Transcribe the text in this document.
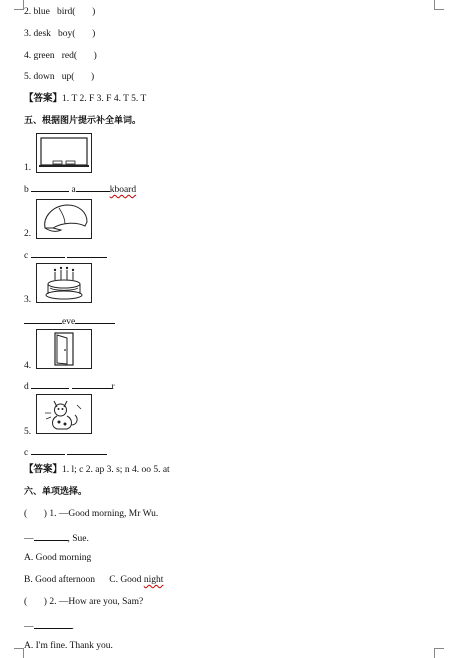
2. blue   bird(       )
3. desk   boy(       )
4. green   red(       )
5. down   up(       )
【答案】1. T 2. F 3. F 4. T 5. T
五、根据图片提示补全单词。
1.
b	a	kboard
2.
c
3.
eve
4.
d	r
5.
c
【答案】1. l; c 2. ap 3. s; n 4. oo 5. at
六、单项选择。
(       ) 1. —Good morning, Mr Wu.
—	, Sue.
A. Good morning
B. Good afternoon C. Good night
(       ) 2. —How are you, Sam?
—	.
A. I'm fine. Thank you.
